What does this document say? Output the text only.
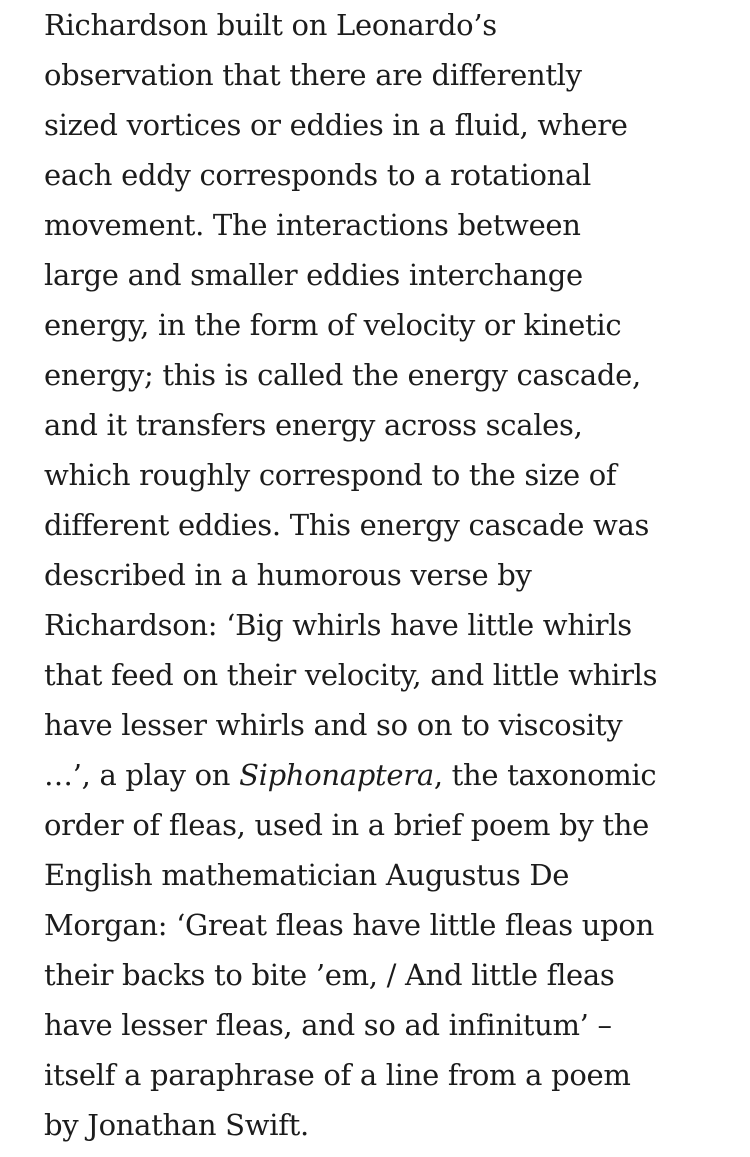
Richardson built on Leonardo’s
observation that there are differently
sized vortices or eddies in a fluid, where
each eddy corresponds to a rotational
movement. The interactions between
large and smaller eddies interchange
energy, in the form of velocity or kinetic
energy; this is called the energy cascade,
and it transfers energy across scales,
which roughly correspond to the size of
different eddies. This energy cascade was
described in a humorous verse by
Richardson: ‘Big whirls have little whirls
that feed on their velocity, and little whirls
have lesser whirls and so on to viscosity
…’, a play on Siphonaptera, the taxonomic
order of fleas, used in a brief poem by the
English mathematician Augustus De
Morgan: ‘Great fleas have little fleas upon
their backs to bite ’em, / And little fleas
have lesser fleas, and so ad infinitum’ –
itself a paraphrase of a line from a poem
by Jonathan Swift.
